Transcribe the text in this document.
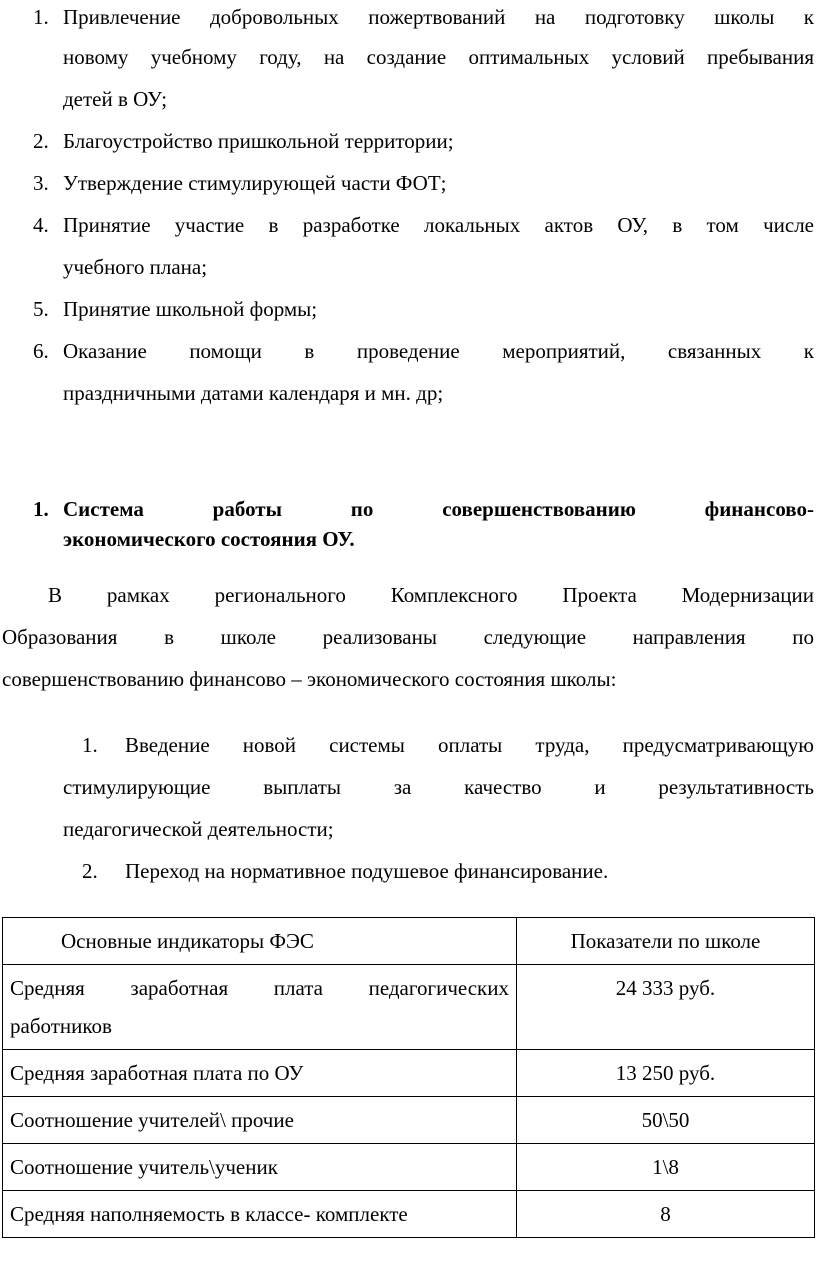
1. Привлечение добровольных пожертвований на подготовку школы к
новому учебному году, на создание оптимальных условий пребывания
детей в ОУ;
2. Благоустройство пришкольной территории;
3. Утверждение стимулирующей части ФОТ;
4. Принятие участие в разработке локальных актов ОУ, в том числе
учебного плана;
5. Принятие школьной формы;
6. Оказание помощи в проведение мероприятий, связанных к
праздничными датами календаря и мн. др;
1. Система работы по совершенствованию финансово-
экономического состояния ОУ.
В рамках регионального Комплексного Проекта Модернизации
Образования в школе реализованы следующие направления по
совершенствованию финансово – экономического состояния школы:
1. Введение новой системы оплаты труда, предусматривающую
стимулирующие выплаты за качество и результативность
педагогической деятельности;
2. Переход на нормативное подушевое финансирование.
Основные индикаторы ФЭС	Показатели по школе

Средняя заработная плата педагогических
работников	24 333 руб.
Средняя заработная плата по ОУ	13 250 руб.
Соотношение учителей\ прочие	50\50
Соотношение учитель\ученик	1\8
Средняя наполняемость в классе- комплекте	8
